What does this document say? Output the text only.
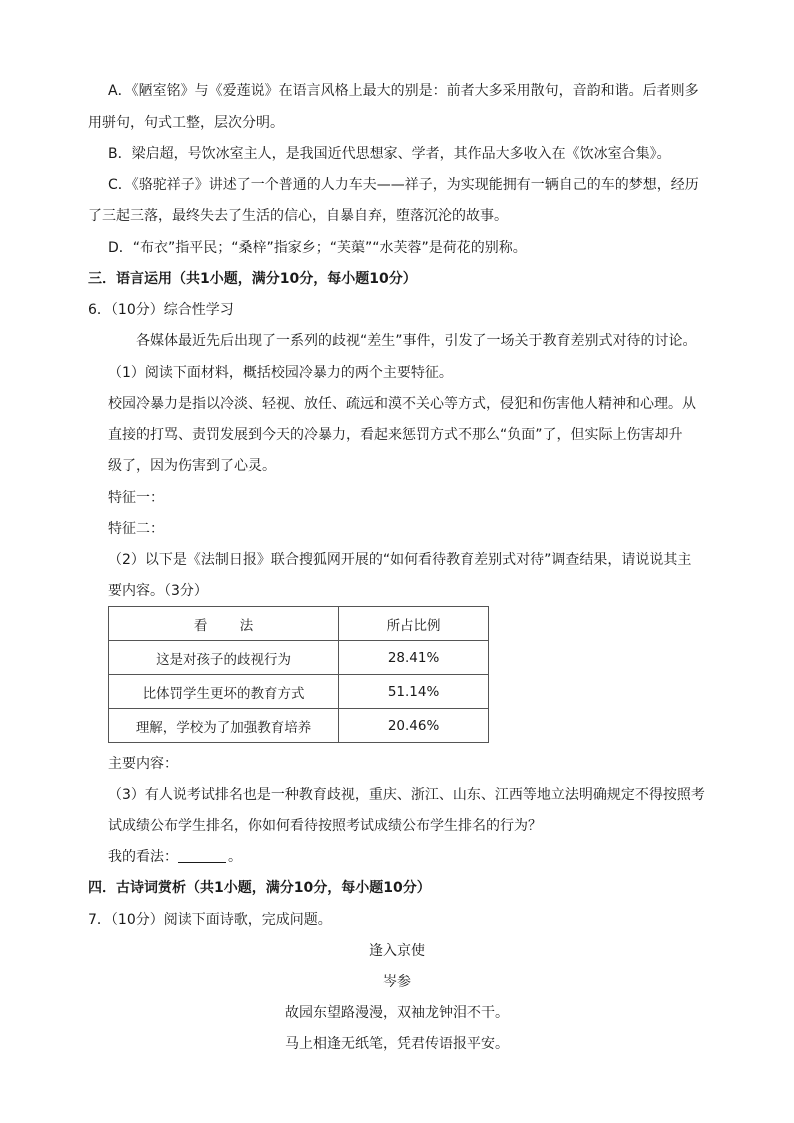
A．《陋室铭》与《爱莲说》在语言风格上最大的别是：前者大多采用散句，音韵和谐。后者则多
用骈句，句式工整，层次分明。
B．梁启超，号饮冰室主人，是我国近代思想家、学者，其作品大多收入在《饮冰室合集》。
C．《骆驼祥子》讲述了一个普通的人力车夫——祥子，为实现能拥有一辆自己的车的梦想，经历
了三起三落，最终失去了生活的信心，自暴自弃，堕落沉沦的故事。
D．“布衣”指平民；“桑梓”指家乡；“芙蕖”“水芙蓉”是荷花的别称。
三．语言运用（共1小题，满分10分，每小题10分）
6．（10分）综合性学习
各媒体最近先后出现了一系列的歧视“差生”事件，引发了一场关于教育差别式对待的讨论。
（1）阅读下面材料，概括校园冷暴力的两个主要特征。
校园冷暴力是指以冷淡、轻视、放任、疏远和漠不关心等方式，侵犯和伤害他人精神和心理。从
直接的打骂、责罚发展到今天的冷暴力，看起来惩罚方式不那么“负面”了，但实际上伤害却升
级了，因为伤害到了心灵。
特征一：
特征二：
（2）以下是《法制日报》联合搜狐网开展的“如何看待教育差别式对待”调查结果，请说说其主
要内容。（3分）
看 法	所占比例
这是对孩子的歧视行为	28.41%
比体罚学生更坏的教育方式	51.14%
理解，学校为了加强教育培养	20.46%
主要内容：
（3）有人说考试排名也是一种教育歧视，重庆、浙江、山东、江西等地立法明确规定不得按照考
试成绩公布学生排名，你如何看待按照考试成绩公布学生排名的行为？
我的看法：	。
四．古诗词赏析（共1小题，满分10分，每小题10分）
7．（10分）阅读下面诗歌，完成问题。
逢入京使
岑参
故园东望路漫漫，双袖龙钟泪不干。
马上相逢无纸笔，凭君传语报平安。
